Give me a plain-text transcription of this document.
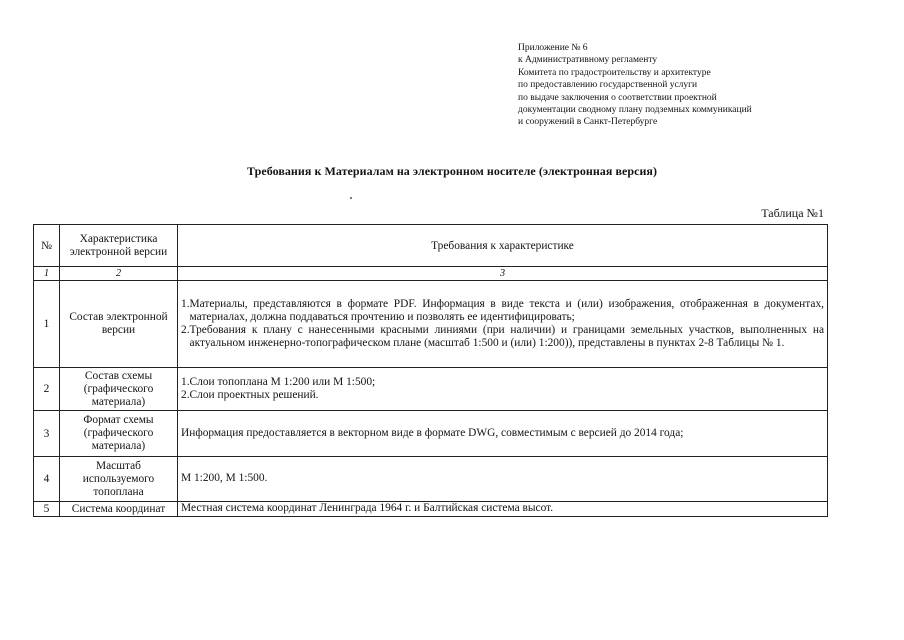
Приложение № 6
к Административному регламенту
Комитета по градостроительству и архитектуре
по предоставлению государственной услуги
по выдаче заключения о соответствии проектной
документации сводному плану подземных коммуникаций
и сооружений в Санкт-Петербурге
Требования к Материалам на электронном носителе (электронная версия)
Таблица №1
№	Характеристика электронной версии	Требования к характеристике
1	2	3
1	Состав электронной версии	1. Материалы, представляются в формате PDF. Информация в виде текста и (или) изображения, отображенная в документах, материалах, должна поддаваться прочтению и позволять ее идентифицировать;
2. Требования к плану с нанесенными красными линиями (при наличии) и границами земельных участков, выполненных на актуальном инженерно-топографическом плане (масштаб 1:500 и (или) 1:200)), представлены в пунктах 2-8 Таблицы № 1.

2	Состав схемы (графического материала)	1. Слои топоплана М 1:200 или М 1:500;
2. Слои проектных решений.

3	Формат схемы (графического материала)	Информация предоставляется в векторном виде в формате DWG, совместимым с версией до 2014 года;
4	Масштаб используемого топоплана	М 1:200, М 1:500.
5	Система координат	Местная система координат Ленинграда 1964 г. и Балтийская система высот.
